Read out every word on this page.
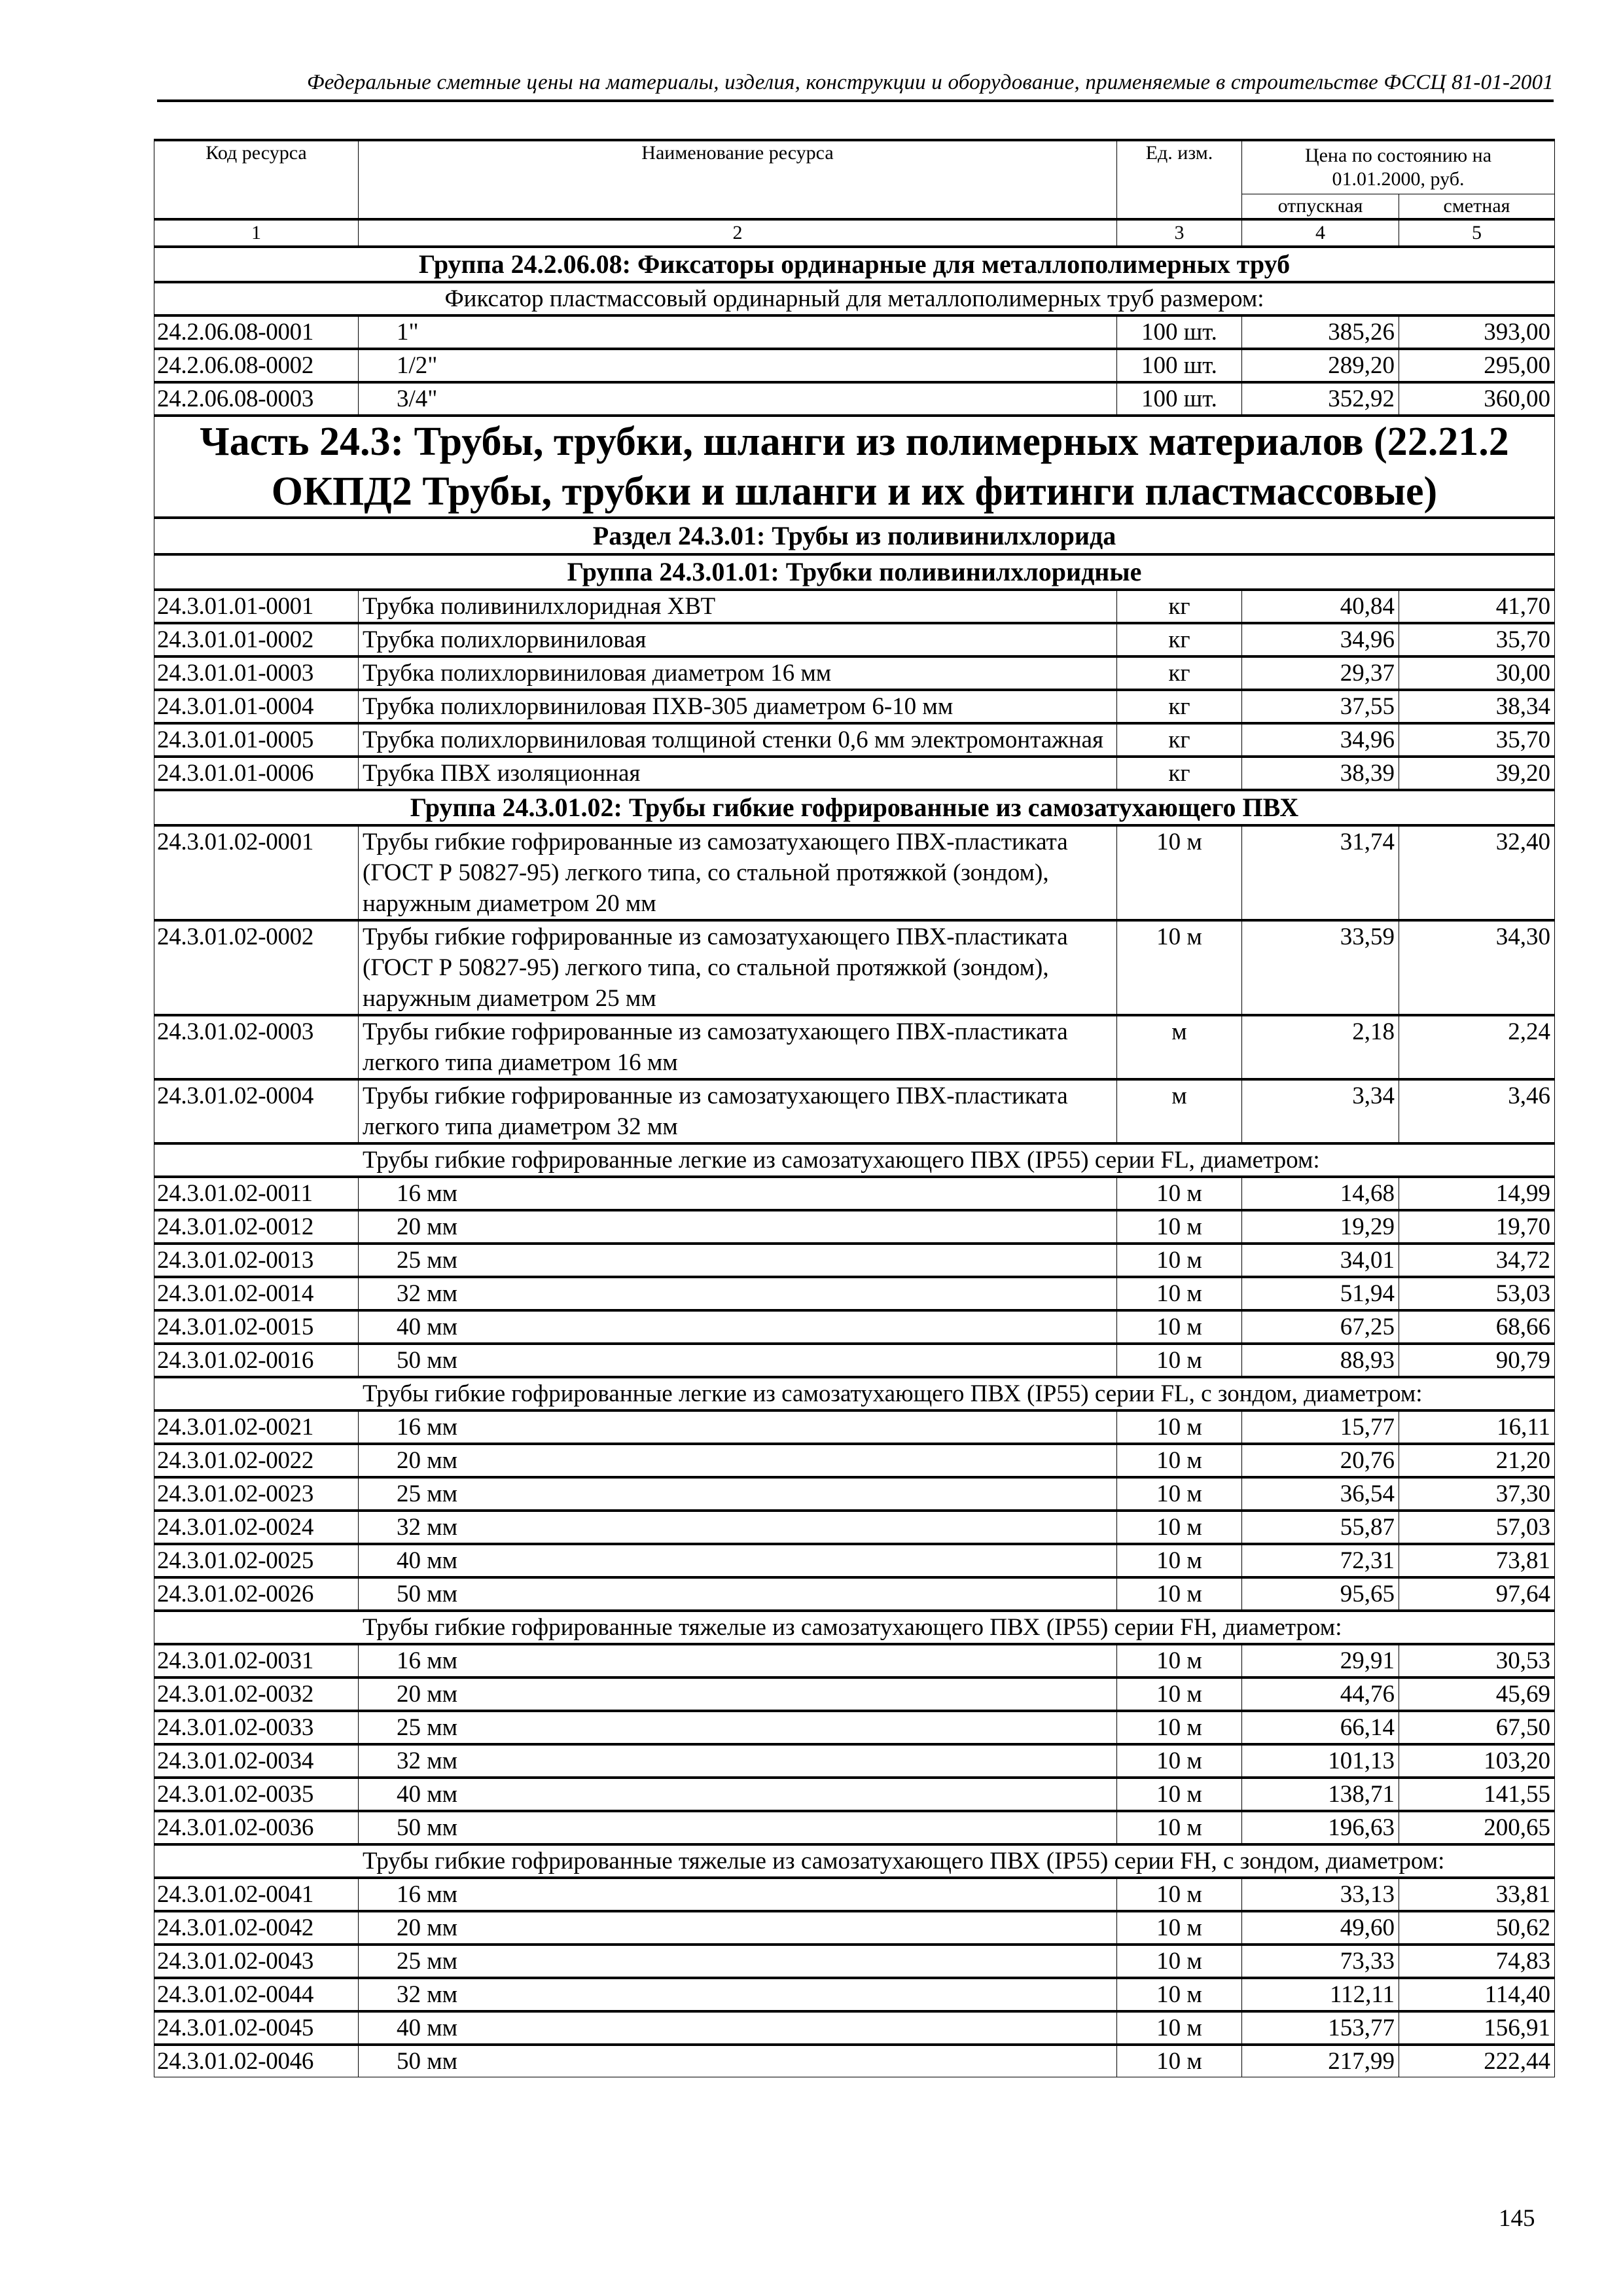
Федеральные сметные цены на материалы, изделия, конструкции и оборудование, применяемые в строительстве ФССЦ 81-01-2001
Код ресурса	Наименование ресурса	Ед. изм.	Цена по состоянию на
01.01.2000, руб.	

			отпускная	сметная
1	2	3	4	5
Группа 24.2.06.08: Фиксаторы ординарные для металлополимерных труб				
Фиксатор пластмассовый ординарный для металлополимерных труб размером:				
24.2.06.08-0001	1"	100 шт.	385,26	393,00
24.2.06.08-0002	1/2"	100 шт.	289,20	295,00
24.2.06.08-0003	3/4"	100 шт.	352,92	360,00

Часть 24.3: Трубы, трубки, шланги из полимерных материалов (22.21.2
ОКПД2 Трубы, трубки и шланги и их фитинги пластмассовые)				

Раздел 24.3.01: Трубы из поливинилхлорида				
Группа 24.3.01.01: Трубки поливинилхлоридные				
24.3.01.01-0001	Трубка поливинилхлоридная ХВТ	кг	40,84	41,70
24.3.01.01-0002	Трубка полихлорвиниловая	кг	34,96	35,70
24.3.01.01-0003	Трубка полихлорвиниловая диаметром 16 мм	кг	29,37	30,00
24.3.01.01-0004	Трубка полихлорвиниловая ПХВ-305 диаметром 6-10 мм	кг	37,55	38,34
24.3.01.01-0005	Трубка полихлорвиниловая толщиной стенки 0,6 мм электромонтажная	кг	34,96	35,70
24.3.01.01-0006	Трубка ПВХ изоляционная	кг	38,39	39,20
Группа 24.3.01.02: Трубы гибкие гофрированные из самозатухающего ПВХ				
24.3.01.02-0001	Трубы гибкие гофрированные из самозатухающего ПВХ-пластиката (ГОСТ Р 50827-95) легкого типа, со стальной протяжкой (зондом), наружным диаметром 20 мм	10 м	31,74	32,40
24.3.01.02-0002	Трубы гибкие гофрированные из самозатухающего ПВХ-пластиката (ГОСТ Р 50827-95) легкого типа, со стальной протяжкой (зондом), наружным диаметром 25 мм	10 м	33,59	34,30
24.3.01.02-0003	Трубы гибкие гофрированные из самозатухающего ПВХ-пластиката легкого типа диаметром 16 мм	м	2,18	2,24
24.3.01.02-0004	Трубы гибкие гофрированные из самозатухающего ПВХ-пластиката легкого типа диаметром 32 мм	м	3,34	3,46
Трубы гибкие гофрированные легкие из самозатухающего ПВХ (IP55) серии FL, диаметром:				
24.3.01.02-0011	16 мм	10 м	14,68	14,99
24.3.01.02-0012	20 мм	10 м	19,29	19,70
24.3.01.02-0013	25 мм	10 м	34,01	34,72
24.3.01.02-0014	32 мм	10 м	51,94	53,03
24.3.01.02-0015	40 мм	10 м	67,25	68,66
24.3.01.02-0016	50 мм	10 м	88,93	90,79
Трубы гибкие гофрированные легкие из самозатухающего ПВХ (IP55) серии FL, с зондом, диаметром:				
24.3.01.02-0021	16 мм	10 м	15,77	16,11
24.3.01.02-0022	20 мм	10 м	20,76	21,20
24.3.01.02-0023	25 мм	10 м	36,54	37,30
24.3.01.02-0024	32 мм	10 м	55,87	57,03
24.3.01.02-0025	40 мм	10 м	72,31	73,81
24.3.01.02-0026	50 мм	10 м	95,65	97,64
Трубы гибкие гофрированные тяжелые из самозатухающего ПВХ (IP55) серии FH, диаметром:				
24.3.01.02-0031	16 мм	10 м	29,91	30,53
24.3.01.02-0032	20 мм	10 м	44,76	45,69
24.3.01.02-0033	25 мм	10 м	66,14	67,50
24.3.01.02-0034	32 мм	10 м	101,13	103,20
24.3.01.02-0035	40 мм	10 м	138,71	141,55
24.3.01.02-0036	50 мм	10 м	196,63	200,65
Трубы гибкие гофрированные тяжелые из самозатухающего ПВХ (IP55) серии FH, с зондом, диаметром:				
24.3.01.02-0041	16 мм	10 м	33,13	33,81
24.3.01.02-0042	20 мм	10 м	49,60	50,62
24.3.01.02-0043	25 мм	10 м	73,33	74,83
24.3.01.02-0044	32 мм	10 м	112,11	114,40
24.3.01.02-0045	40 мм	10 м	153,77	156,91
24.3.01.02-0046	50 мм	10 м	217,99	222,44
145
